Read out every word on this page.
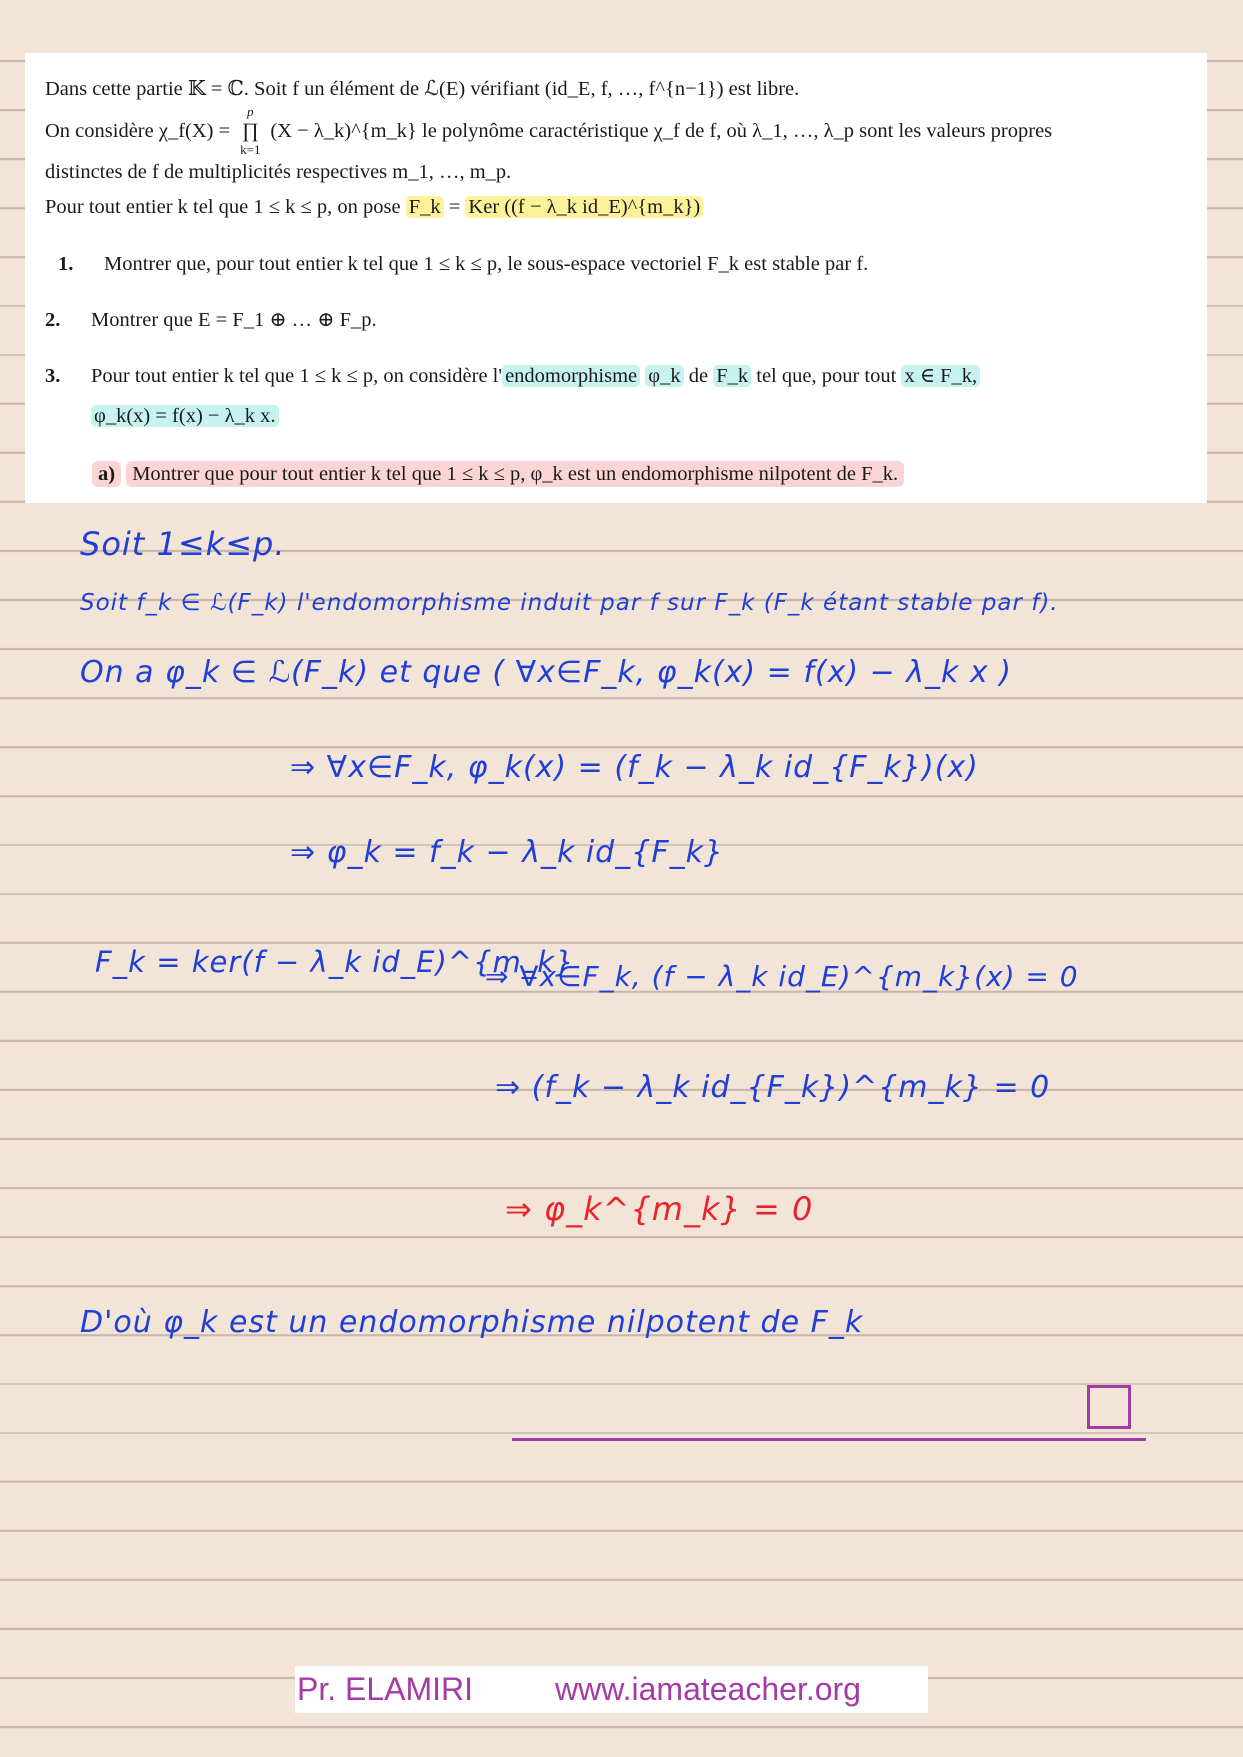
Dans cette partie 𝕂 = ℂ. Soit f un élément de ℒ(E) vérifiant (id_E, f, …, f^{n−1}) est libre.
On considère χ_f(X) = ∏
p
k=1
(X − λ_k)^{m_k} le polynôme caractéristique χ_f de f, où λ_1, …, λ_p sont les valeurs propres
distinctes de f de multiplicités respectives m_1, …, m_p.
Pour tout entier k tel que 1 ≤ k ≤ p, on pose F_k = Ker ((f − λ_k id_E)^{m_k})
1. Montrer que, pour tout entier k tel que 1 ≤ k ≤ p, le sous-espace vectoriel F_k est stable par f.
2. Montrer que E = F_1 ⊕ … ⊕ F_p.
3. Pour tout entier k tel que 1 ≤ k ≤ p, on considère l' endomorphisme φ_k de F_k tel que, pour tout x ∈ F_k,
φ_k(x) = f(x) − λ_k x.
a) Montrer que pour tout entier k tel que 1 ≤ k ≤ p, φ_k est un endomorphisme nilpotent de F_k.
Soit 1≤k≤p.
Soit f_k ∈ ℒ(F_k) l'endomorphisme induit par f sur F_k (F_k étant stable par f).
On a φ_k ∈ ℒ(F_k) et que ( ∀x∈F_k, φ_k(x) = f(x) − λ_k x )
⇒ ∀x∈F_k, φ_k(x) = (f_k − λ_k id_{F_k})(x)
⇒ φ_k = f_k − λ_k id_{F_k}
F_k = ker(f − λ_k id_E)^{m_k}
⇒ ∀x∈F_k, (f − λ_k id_E)^{m_k}(x) = 0
⇒ (f_k − λ_k id_{F_k})^{m_k} = 0
⇒ φ_k^{m_k} = 0
D'où φ_k est un endomorphisme nilpotent de F_k
Pr. ELAMIRI	www.iamateacher.org
